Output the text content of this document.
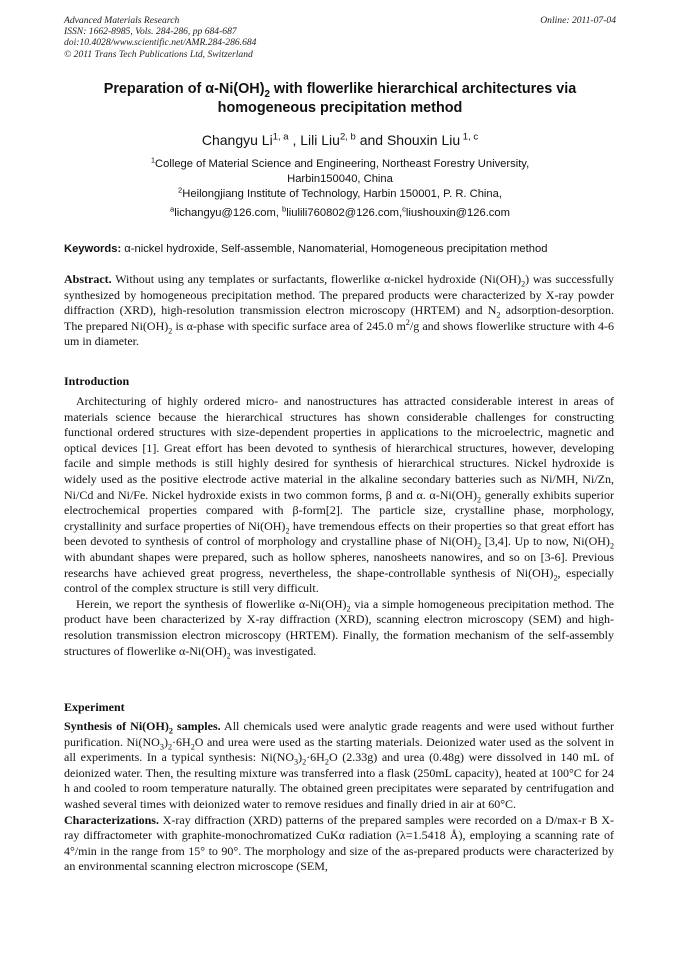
Advanced Materials Research
ISSN: 1662-8985, Vols. 284-286, pp 684-687
doi:10.4028/www.scientific.net/AMR.284-286.684
© 2011 Trans Tech Publications Ltd, Switzerland
Online: 2011-07-04
Preparation of $\alpha-Ni(OH)_2$ with flowerlike hierarchical architectures via
homogeneous precipitation method
Changyu Li$^{1, a}$ , Lili Liu$^{2, b}$ and Shouxin Liu $^{1, c}$
$^1$College of Material Science and Engineering, Northeast Forestry University,
Harbin150040, China
$^2$Heilongjiang Institute of Technology, Harbin 150001, P. R. China,
$^a$lichangyu@126.com, $^b$liulili760802@126.com,$^c$liushouxin@126.com
Keywords: α-nickel hydroxide, Self-assemble, Nanomaterial, Homogeneous precipitation method

Abstract. Without using any templates or surfactants, flowerlike α-nickel hydroxide $(Ni(OH)_2)$ was successfully synthesized by homogeneous precipitation method. The prepared products were characterized by X-ray powder diffraction (XRD), high-resolution transmission electron microscopy (HRTEM) and $N_2$ adsorption-desorption. The prepared $Ni(OH)_2$ is α-phase with specific surface area of 245.0 $m^2/g$ and shows flowerlike structure with 4-6 um in diameter.

Introduction

Architecturing of highly ordered micro- and nanostructures has attracted considerable interest in areas of materials science because the hierarchical structures has shown considerable challenges for constructing functional ordered structures with size-dependent properties in applications to the microelectric, magnetic and optical devices [1]. Great effort has been devoted to synthesis of hierarchical structures, however, developing facile and simple methods is still highly desired for synthesis of hierarchical structures. Nickel hydroxide is widely used as the positive electrode active material in the alkaline secondary batteries such as Ni/MH, Ni/Zn, Ni/Cd and Ni/Fe. Nickel hydroxide exists in two common forms, β and α. $\alpha-Ni(OH)_2$ generally exhibits superior electrochemical properties compared with β-form[2]. The particle size, crystalline phase, morphology, crystallinity and surface properties of $Ni(OH)_2$ have tremendous effects on their properties so that great effort has been devoted to synthesis of control of morphology and crystalline phase of $Ni(OH)_2$ [3,4]. Up to now, $Ni(OH)_2$ with abundant shapes were prepared, such as hollow spheres, nanosheets nanowires, and so on [3-6]. Previous researchs have achieved great progress, nevertheless, the shape-controllable synthesis of $Ni(OH)_2$, especially control of the complex structure is still very difficult.

Herein, we report the synthesis of flowerlike $\alpha-Ni(OH)_2$ via a simple homogeneous precipitation method. The product have been characterized by X-ray diffraction (XRD), scanning electron microscopy (SEM) and high-resolution transmission electron microscopy (HRTEM). Finally, the formation mechanism of the self-assembly structures of flowerlike $\alpha-Ni(OH)_2$ was investigated.

Experiment

Synthesis of $Ni(OH)_2$ samples. All chemicals used were analytic grade reagents and were used without further purification. $Ni(NO_3)_2\cdot 6H_2O$ and urea were used as the starting materials. Deionized water used as the solvent in all experiments. In a typical synthesis: $Ni(NO_3)_2\cdot 6H_2O$ (2.33g) and urea (0.48g) were dissolved in 140 mL of deionized water. Then, the resulting mixture was transferred into a flask (250mL capacity), heated at 100°C for 24 h and cooled to room temperature naturally. The obtained green precipitates were separated by centrifugation and washed several times with deionized water to remove residues and finally dried in air at 60°C.

Characterizations. X-ray diffraction (XRD) patterns of the prepared samples were recorded on a D/max-r B X-ray diffractometer with graphite-monochromatized CuKα radiation (λ=1.5418 Å), employing a scanning rate of 4°/min in the range from 15° to 90°. The morphology and size of the as-prepared products were characterized by an environmental scanning electron microscope (SEM,
